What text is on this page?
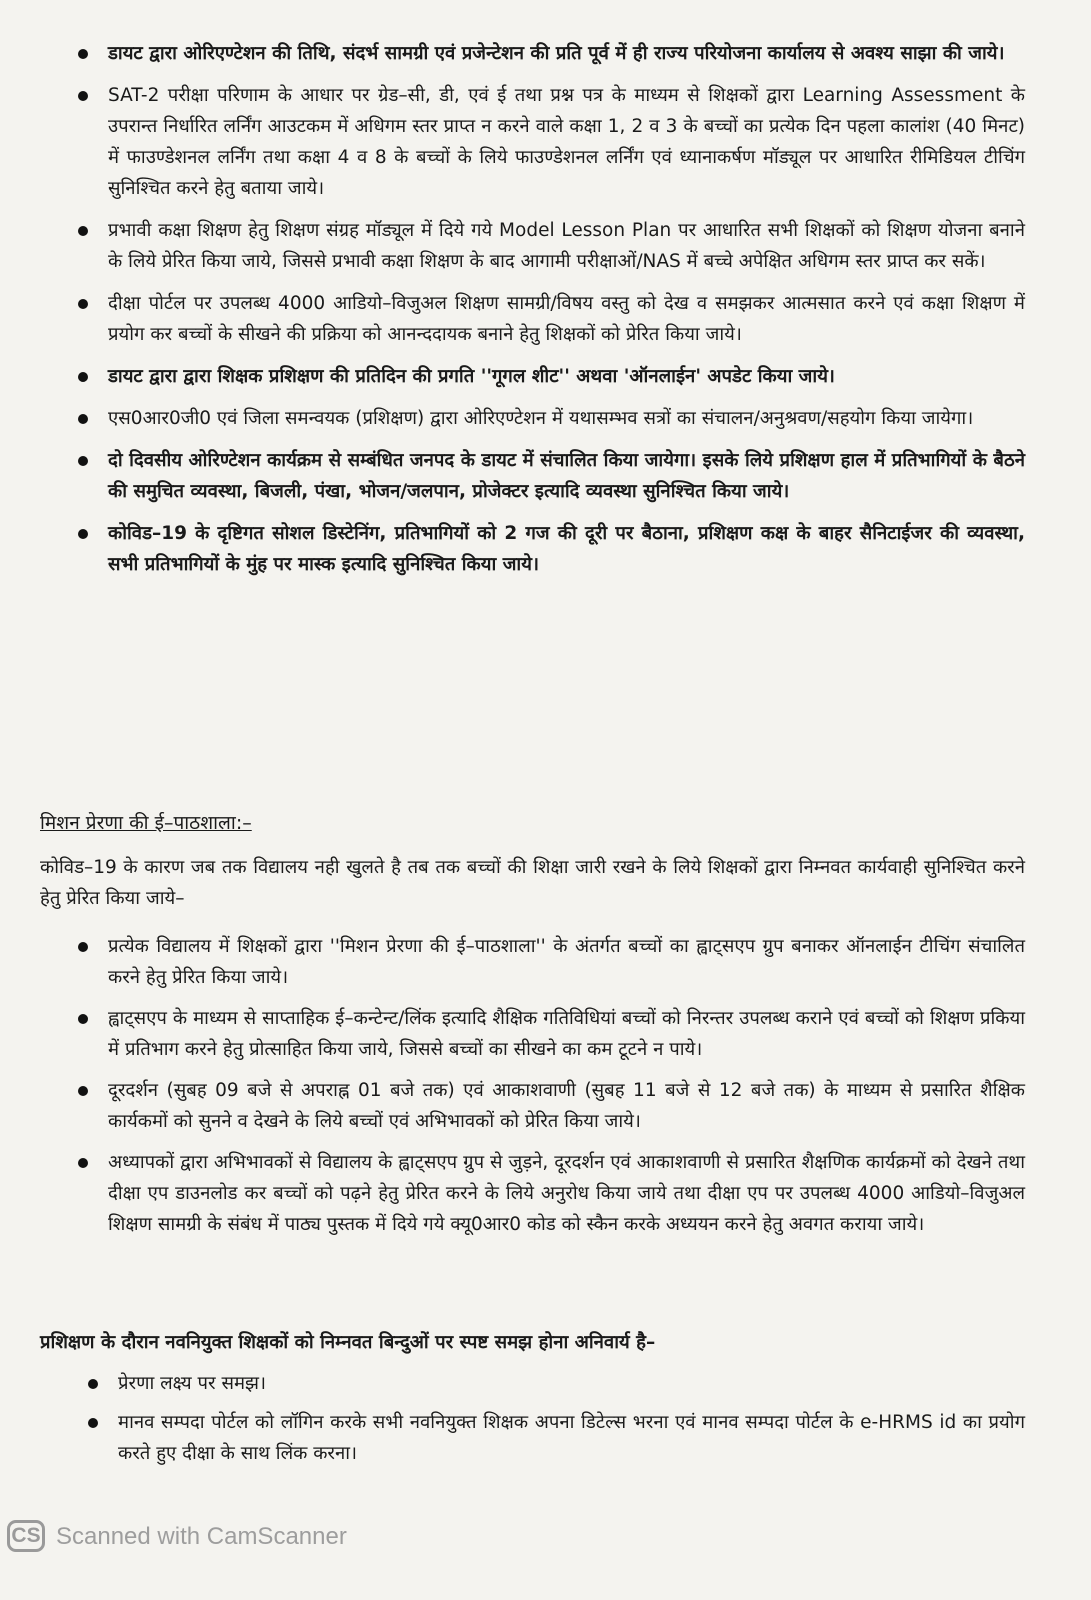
डायट द्वारा ओरिएण्टेशन की तिथि, संदर्भ सामग्री एवं प्रजेन्टेशन की प्रति पूर्व में ही राज्य परियोजना कार्यालय से अवश्य साझा की जाये।
SAT-2 परीक्षा परिणाम के आधार पर ग्रेड–सी, डी, एवं ई तथा प्रश्न पत्र के माध्यम से शिक्षकों द्वारा Learning Assessment के उपरान्त निर्धारित लर्निंग आउटकम में अधिगम स्तर प्राप्त न करने वाले कक्षा 1, 2 व 3 के बच्चों का प्रत्येक दिन पहला कालांश (40 मिनट) में फाउण्डेशनल लर्निंग तथा कक्षा 4 व 8 के बच्चों के लिये फाउण्डेशनल लर्निंग एवं ध्यानाकर्षण मॉड्यूल पर आधारित रीमिडियल टीचिंग सुनिश्चित करने हेतु बताया जाये।
प्रभावी कक्षा शिक्षण हेतु शिक्षण संग्रह मॉड्यूल में दिये गये Model Lesson Plan पर आधारित सभी शिक्षकों को शिक्षण योजना बनाने के लिये प्रेरित किया जाये, जिससे प्रभावी कक्षा शिक्षण के बाद आगामी परीक्षाओं/NAS में बच्चे अपेक्षित अधिगम स्तर प्राप्त कर सकें।
दीक्षा पोर्टल पर उपलब्ध 4000 आडियो–विजुअल शिक्षण सामग्री/विषय वस्तु को देख व समझकर आत्मसात करने एवं कक्षा शिक्षण में प्रयोग कर बच्चों के सीखने की प्रक्रिया को आनन्ददायक बनाने हेतु शिक्षकों को प्रेरित किया जाये।
डायट द्वारा द्वारा शिक्षक प्रशिक्षण की प्रतिदिन की प्रगति ''गूगल शीट'' अथवा 'ऑनलाईन' अपडेट किया जाये।
एस0आर0जी0 एवं जिला समन्वयक (प्रशिक्षण) द्वारा ओरिएण्टेशन में यथासम्भव सत्रों का संचालन/अनुश्रवण/सहयोग किया जायेगा।
दो दिवसीय ओरिण्टेशन कार्यक्रम से सम्बंधित जनपद के डायट में संचालित किया जायेगा। इसके लिये प्रशिक्षण हाल में प्रतिभागियों के बैठने की समुचित व्यवस्था, बिजली, पंखा, भोजन/जलपान, प्रोजेक्टर इत्यादि व्यवस्था सुनिश्चित किया जाये।
कोविड–19 के दृष्टिगत सोशल डिस्टेनिंग, प्रतिभागियों को 2 गज की दूरी पर बैठाना, प्रशिक्षण कक्ष के बाहर सैनिटाईजर की व्यवस्था, सभी प्रतिभागियों के मुंह पर मास्क इत्यादि सुनिश्चित किया जाये।
मिशन प्रेरणा की ई–पाठशाला:–
कोविड–19 के कारण जब तक विद्यालय नही खुलते है तब तक बच्चों की शिक्षा जारी रखने के लिये शिक्षकों द्वारा निम्नवत कार्यवाही सुनिश्चित करने हेतु प्रेरित किया जाये–
प्रत्येक विद्यालय में शिक्षकों द्वारा ''मिशन प्रेरणा की ई–पाठशाला'' के अंतर्गत बच्चों का ह्वाट्सएप ग्रुप बनाकर ऑनलाईन टीचिंग संचालित करने हेतु प्रेरित किया जाये।
ह्वाट्सएप के माध्यम से साप्ताहिक ई–कन्टेन्ट/लिंक इत्यादि शैक्षिक गतिविधियां बच्चों को निरन्तर उपलब्ध कराने एवं बच्चों को शिक्षण प्रकिया में प्रतिभाग करने हेतु प्रोत्साहित किया जाये, जिससे बच्चों का सीखने का कम टूटने न पाये।
दूरदर्शन (सुबह 09 बजे से अपराह्न 01 बजे तक) एवं आकाशवाणी (सुबह 11 बजे से 12 बजे तक) के माध्यम से प्रसारित शैक्षिक कार्यकमों को सुनने व देखने के लिये बच्चों एवं अभिभावकों को प्रेरित किया जाये।
अध्यापकों द्वारा अभिभावकों से विद्यालय के ह्वाट्सएप ग्रुप से जुड़ने, दूरदर्शन एवं आकाशवाणी से प्रसारित शैक्षणिक कार्यक्रमों को देखने तथा दीक्षा एप डाउनलोड कर बच्चों को पढ़ने हेतु प्रेरित करने के लिये अनुरोध किया जाये तथा दीक्षा एप पर उपलब्ध 4000 आडियो–विजुअल शिक्षण सामग्री के संबंध में पाठ्य पुस्तक में दिये गये क्यू0आर0 कोड को स्कैन करके अध्ययन करने हेतु अवगत कराया जाये।
प्रशिक्षण के दौरान नवनियुक्त शिक्षकों को निम्नवत बिन्दुओं पर स्पष्ट समझ होना अनिवार्य है–
प्रेरणा लक्ष्य पर समझ।
मानव सम्पदा पोर्टल को लॉगिन करके सभी नवनियुक्त शिक्षक अपना डिटेल्स भरना एवं मानव सम्पदा पोर्टल के e-HRMS id का प्रयोग करते हुए दीक्षा के साथ लिंक करना।
CS Scanned with CamScanner
